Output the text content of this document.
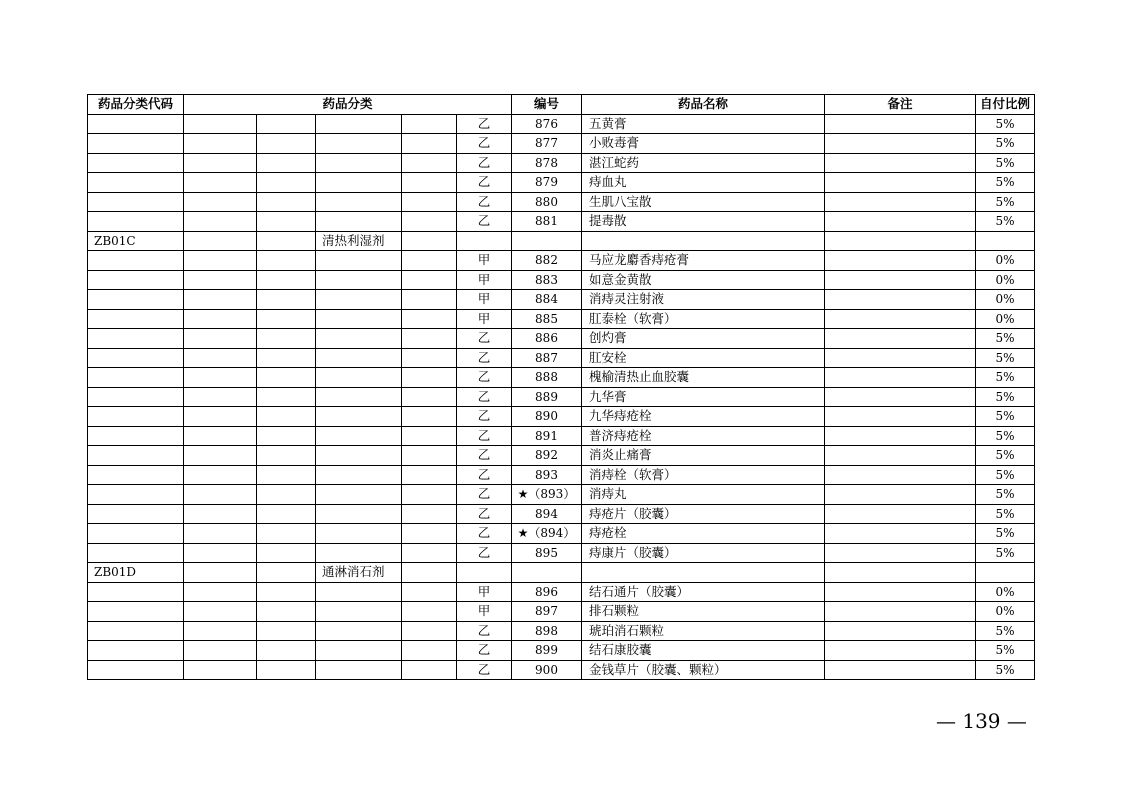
药品分类代码	药品分类					编号	药品名称	备注	自付比例
					乙	876	五黄膏		5%
					乙	877	小败毒膏		5%
					乙	878	湛江蛇药		5%
					乙	879	痔血丸		5%
					乙	880	生肌八宝散		5%
					乙	881	提毒散		5%
ZB01C			清热利湿剂						
					甲	882	马应龙麝香痔疮膏		0%
					甲	883	如意金黄散		0%
					甲	884	消痔灵注射液		0%
					甲	885	肛泰栓（软膏）		0%
					乙	886	创灼膏		5%
					乙	887	肛安栓		5%
					乙	888	槐榆清热止血胶囊		5%
					乙	889	九华膏		5%
					乙	890	九华痔疮栓		5%
					乙	891	普济痔疮栓		5%
					乙	892	消炎止痛膏		5%
					乙	893	消痔栓（软膏）		5%
					乙	★（893）	消痔丸		5%
					乙	894	痔疮片（胶囊）		5%
					乙	★（894）	痔疮栓		5%
					乙	895	痔康片（胶囊）		5%
ZB01D			通淋消石剂						
					甲	896	结石通片（胶囊）		0%
					甲	897	排石颗粒		0%
					乙	898	琥珀消石颗粒		5%
					乙	899	结石康胶囊		5%
					乙	900	金钱草片（胶囊、颗粒）		5%
— 139 —
